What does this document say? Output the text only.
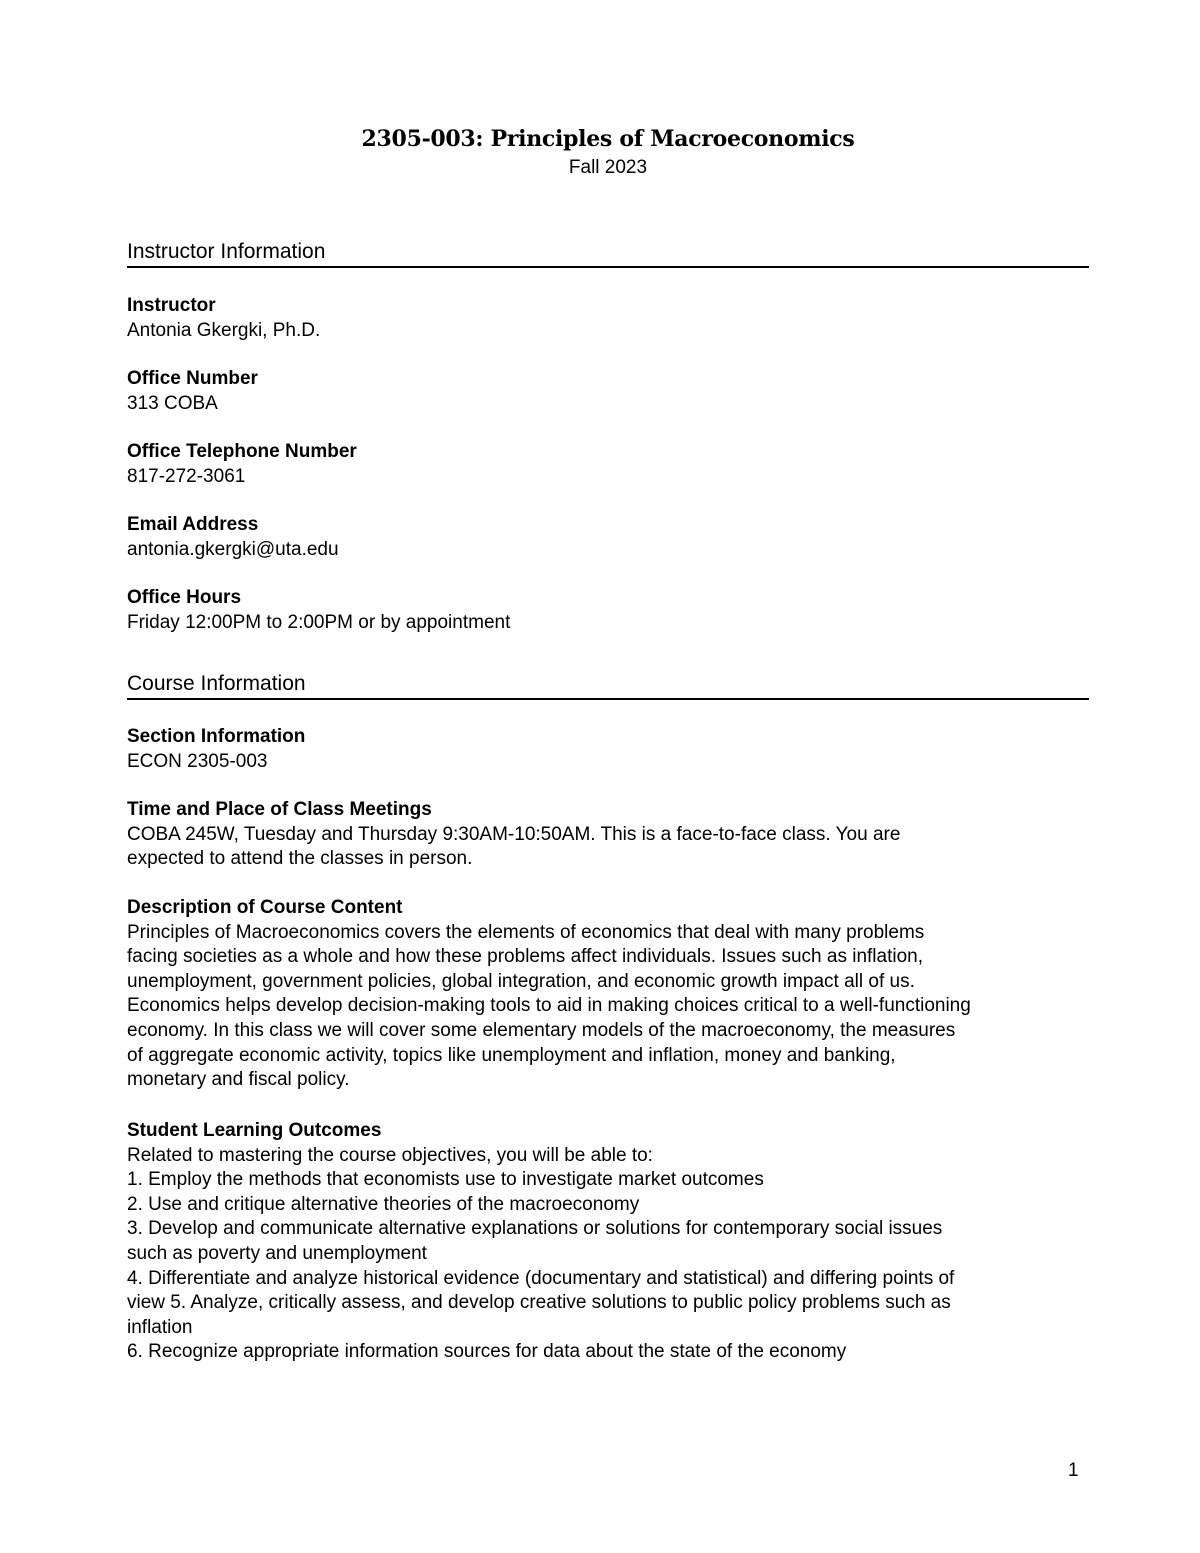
2305-003: Principles of Macroeconomics
Fall 2023
Instructor Information
Instructor
Antonia Gkergki, Ph.D.
Office Number
313 COBA
Office Telephone Number
817-272-3061
Email Address
antonia.gkergki@uta.edu
Office Hours
Friday 12:00PM to 2:00PM or by appointment
Course Information
Section Information
ECON 2305-003
Time and Place of Class Meetings
COBA 245W, Tuesday and Thursday 9:30AM-10:50AM. This is a face-to-face class. You are
expected to attend the classes in person.
Description of Course Content
Principles of Macroeconomics covers the elements of economics that deal with many problems
facing societies as a whole and how these problems affect individuals. Issues such as inflation,
unemployment, government policies, global integration, and economic growth impact all of us.
Economics helps develop decision-making tools to aid in making choices critical to a well-functioning
economy. In this class we will cover some elementary models of the macroeconomy, the measures
of aggregate economic activity, topics like unemployment and inflation, money and banking,
monetary and fiscal policy.
Student Learning Outcomes
Related to mastering the course objectives, you will be able to:
1. Employ the methods that economists use to investigate market outcomes
2. Use and critique alternative theories of the macroeconomy
3. Develop and communicate alternative explanations or solutions for contemporary social issues
such as poverty and unemployment
4. Differentiate and analyze historical evidence (documentary and statistical) and differing points of
view 5. Analyze, critically assess, and develop creative solutions to public policy problems such as
inflation
6. Recognize appropriate information sources for data about the state of the economy
1
